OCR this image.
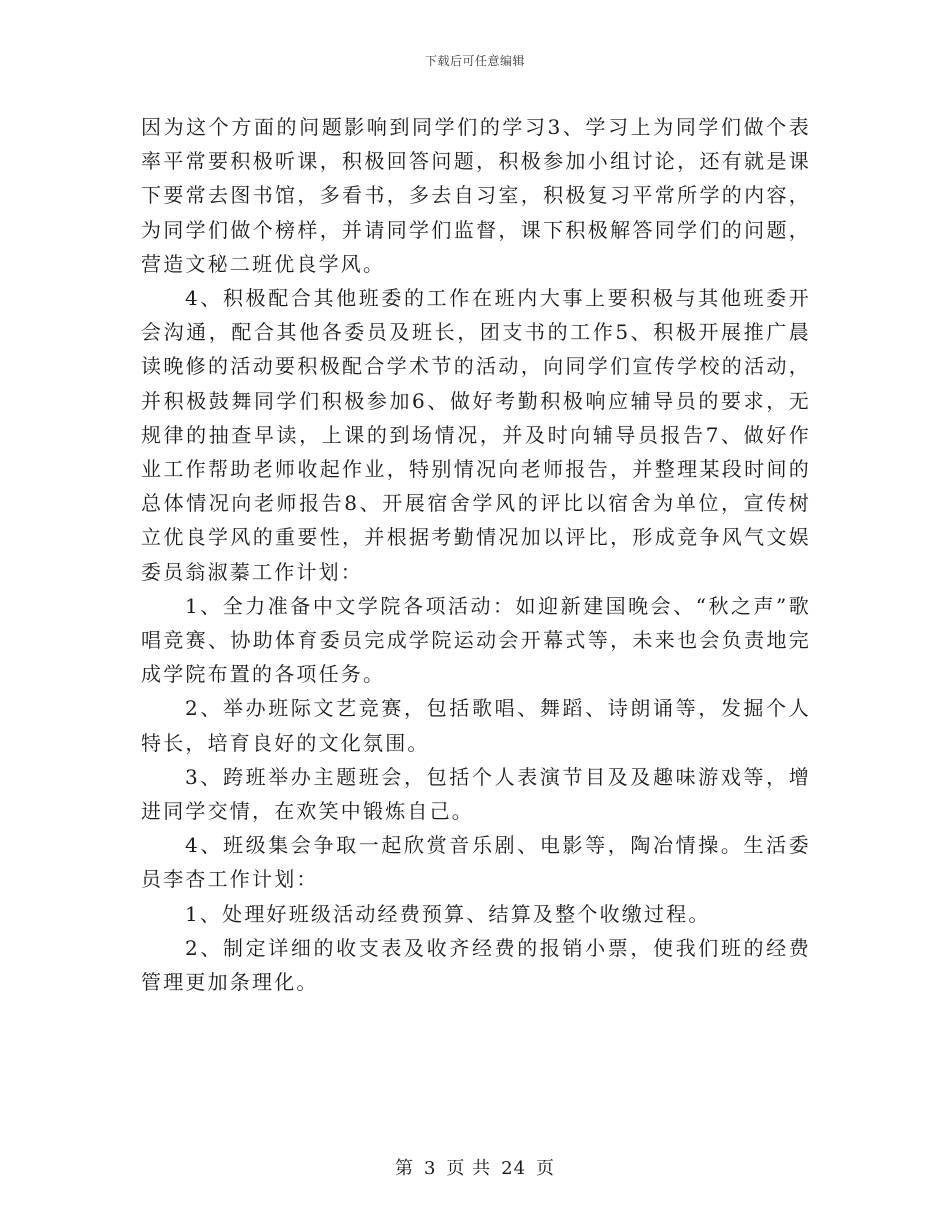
下载后可任意编辑

因为这个方面的问题影响到同学们的学习3、学习上为同学们做个表率平常要积极听课，积极回答问题，积极参加小组讨论，还有就是课下要常去图书馆，多看书，多去自习室，积极复习平常所学的内容，为同学们做个榜样，并请同学们监督，课下积极解答同学们的问题，营造文秘二班优良学风。

4、积极配合其他班委的工作在班内大事上要积极与其他班委开会沟通，配合其他各委员及班长，团支书的工作5、积极开展推广晨读晚修的活动要积极配合学术节的活动，向同学们宣传学校的活动，并积极鼓舞同学们积极参加6、做好考勤积极响应辅导员的要求，无规律的抽查早读，上课的到场情况，并及时向辅导员报告7、做好作业工作帮助老师收起作业，特别情况向老师报告，并整理某段时间的总体情况向老师报告8、开展宿舍学风的评比以宿舍为单位，宣传树立优良学风的重要性，并根据考勤情况加以评比，形成竞争风气文娱委员翁淑蓁工作计划：

1、全力准备中文学院各项活动：如迎新建国晚会、“秋之声”歌唱竞赛、协助体育委员完成学院运动会开幕式等，未来也会负责地完成学院布置的各项任务。

2、举办班际文艺竞赛，包括歌唱、舞蹈、诗朗诵等，发掘个人特长，培育良好的文化氛围。

3、跨班举办主题班会，包括个人表演节目及及趣味游戏等，增进同学交情，在欢笑中锻炼自己。

4、班级集会争取一起欣赏音乐剧、电影等，陶冶情操。生活委员李杏工作计划：

1、处理好班级活动经费预算、结算及整个收缴过程。

2、制定详细的收支表及收齐经费的报销小票，使我们班的经费管理更加条理化。

第 3 页 共 24 页
